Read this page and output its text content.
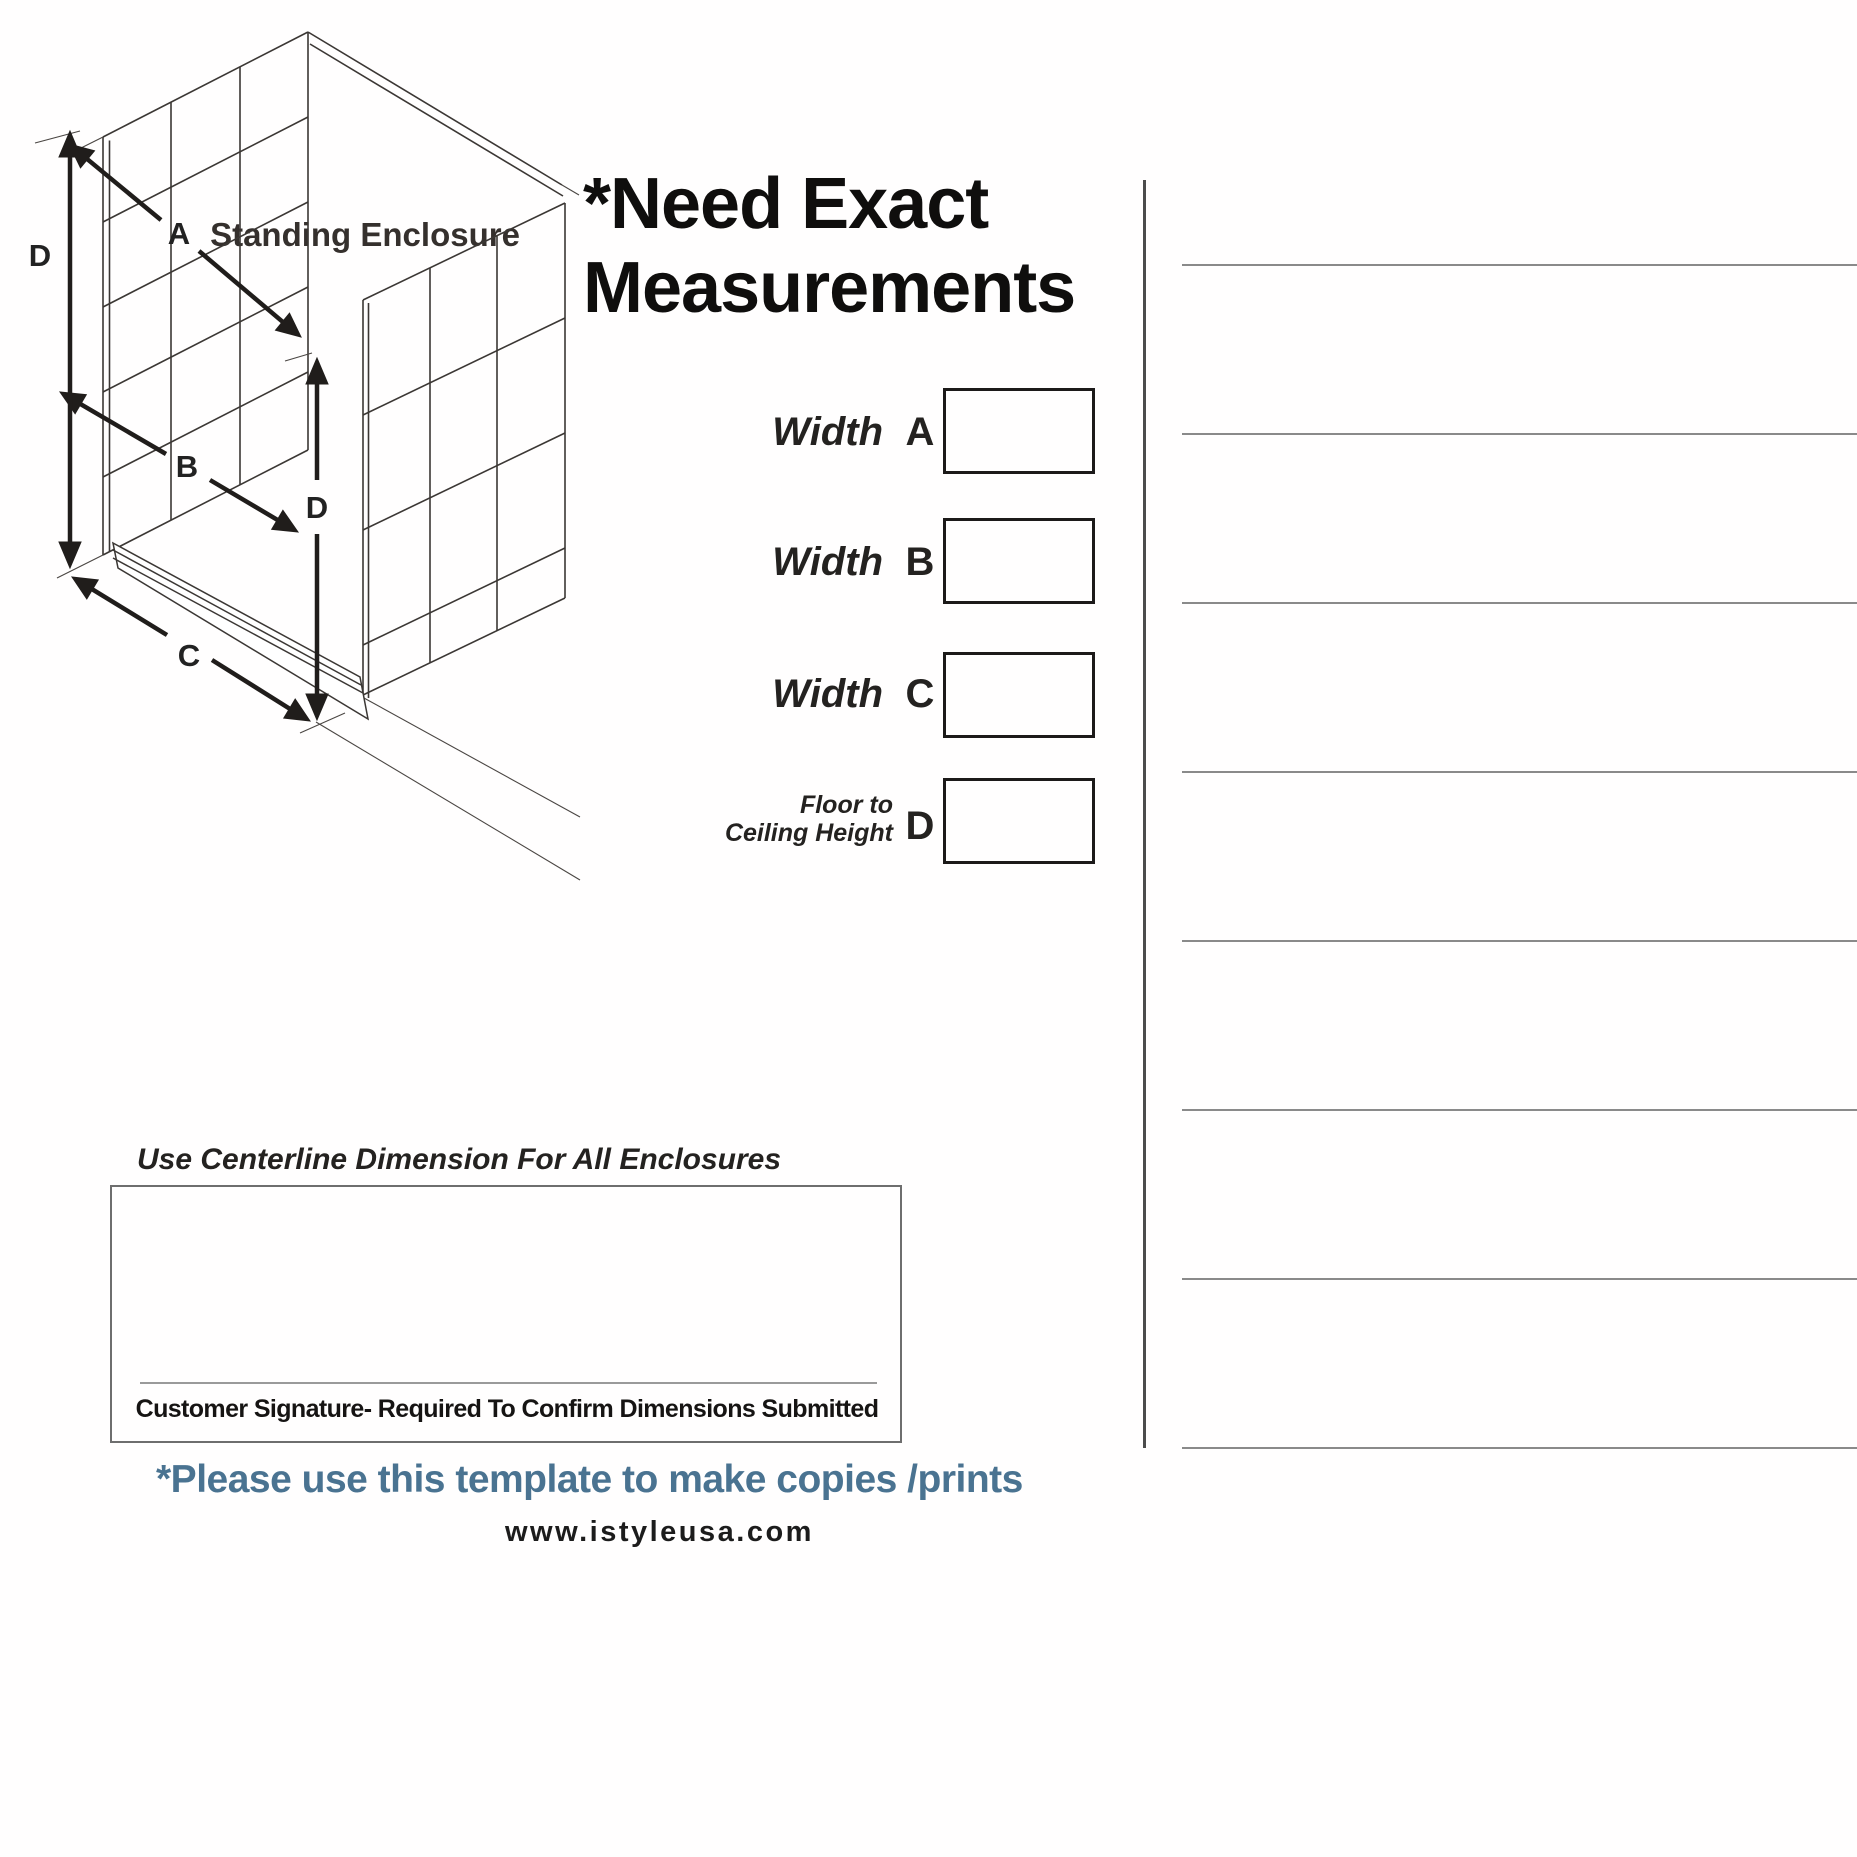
Standing Enclosure
A
B
C
D
D
*Need Exact
Measurements
Width A
Width B
Width C
Floor to
Ceiling Height D
Use Centerline Dimension For All Enclosures
Customer Signature- Required To Confirm Dimensions Submitted
*Please use this template to make copies /prints
www.istyleusa.com
